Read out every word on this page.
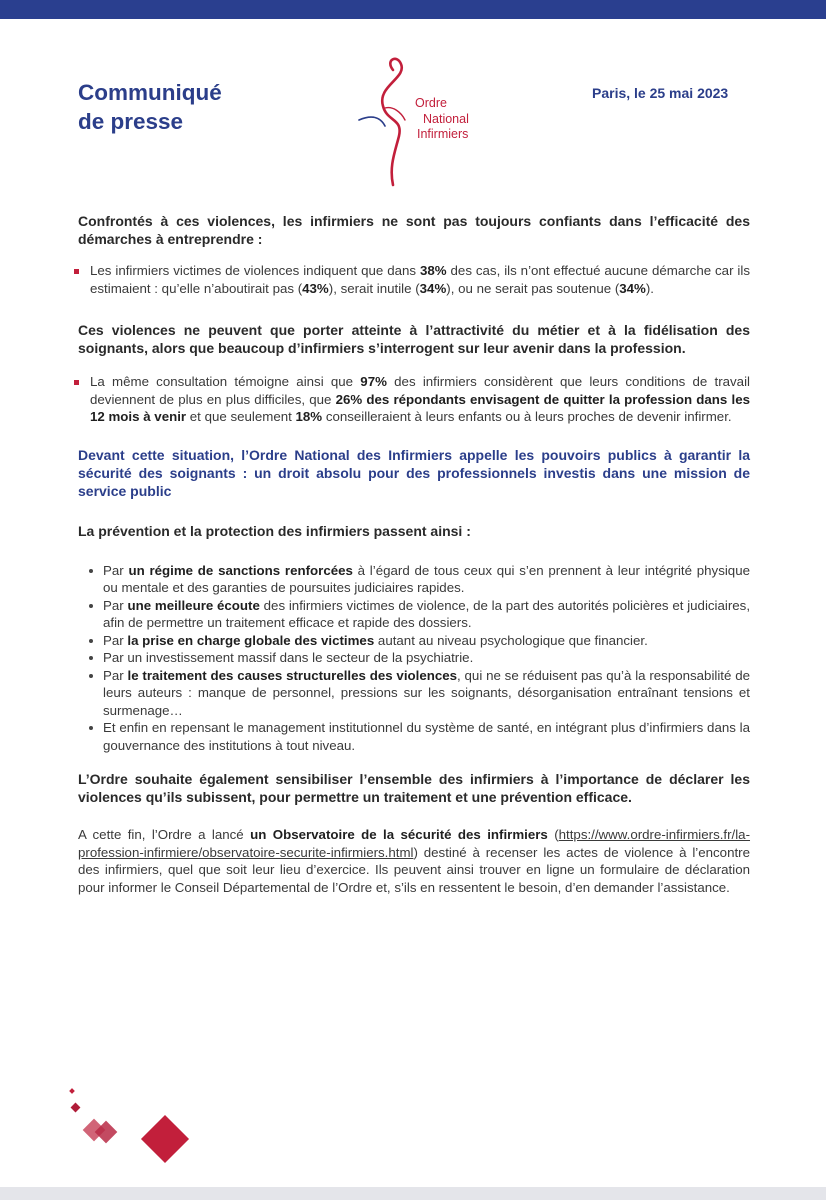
Communiqué
de presse
Ordre
National
Infirmiers
Paris, le 25 mai 2023

Confrontés à ces violences, les infirmiers ne sont pas toujours confiants dans l’efficacité des démarches à entreprendre :

Les infirmiers victimes de violences indiquent que dans 38% des cas, ils n’ont effectué aucune démarche car ils estimaient : qu’elle n’aboutirait pas (43%), serait inutile (34%), ou ne serait pas soutenue (34%).

Ces violences ne peuvent que porter atteinte à l’attractivité du métier et à la fidélisation des soignants, alors que beaucoup d’infirmiers s’interrogent sur leur avenir dans la profession.

La même consultation témoigne ainsi que 97% des infirmiers considèrent que leurs conditions de travail deviennent de plus en plus difficiles, que 26% des répondants envisagent de quitter la profession dans les 12 mois à venir et que seulement 18% conseilleraient à leurs enfants ou à leurs proches de devenir infirmer.

Devant cette situation, l’Ordre National des Infirmiers appelle les pouvoirs publics à garantir la sécurité des soignants : un droit absolu pour des professionnels investis dans une mission de service public

La prévention et la protection des infirmiers passent ainsi :

Par un régime de sanctions renforcées à l’égard de tous ceux qui s’en prennent à leur intégrité physique ou mentale et des garanties de poursuites judiciaires rapides.
Par une meilleure écoute des infirmiers victimes de violence, de la part des autorités policières et judiciaires, afin de permettre un traitement efficace et rapide des dossiers.
Par la prise en charge globale des victimes autant au niveau psychologique que financier.
Par un investissement massif dans le secteur de la psychiatrie.
Par le traitement des causes structurelles des violences, qui ne se réduisent pas qu’à la responsabilité de leurs auteurs : manque de personnel, pressions sur les soignants, désorganisation entraînant tensions et surmenage…
Et enfin en repensant le management institutionnel du système de santé, en intégrant plus d’infirmiers dans la gouvernance des institutions à tout niveau.

L’Ordre souhaite également sensibiliser l’ensemble des infirmiers à l’importance de déclarer les violences qu’ils subissent, pour permettre un traitement et une prévention efficace.

A cette fin, l’Ordre a lancé un Observatoire de la sécurité des infirmiers (https://www.ordre-infirmiers.fr/la-profession-infirmiere/observatoire-securite-infirmiers.html) destiné à recenser les actes de violence à l’encontre des infirmiers, quel que soit leur lieu d’exercice. Ils peuvent ainsi trouver en ligne un formulaire de déclaration pour informer le Conseil Départemental de l’Ordre et, s’ils en ressentent le besoin, d’en demander l’assistance.
